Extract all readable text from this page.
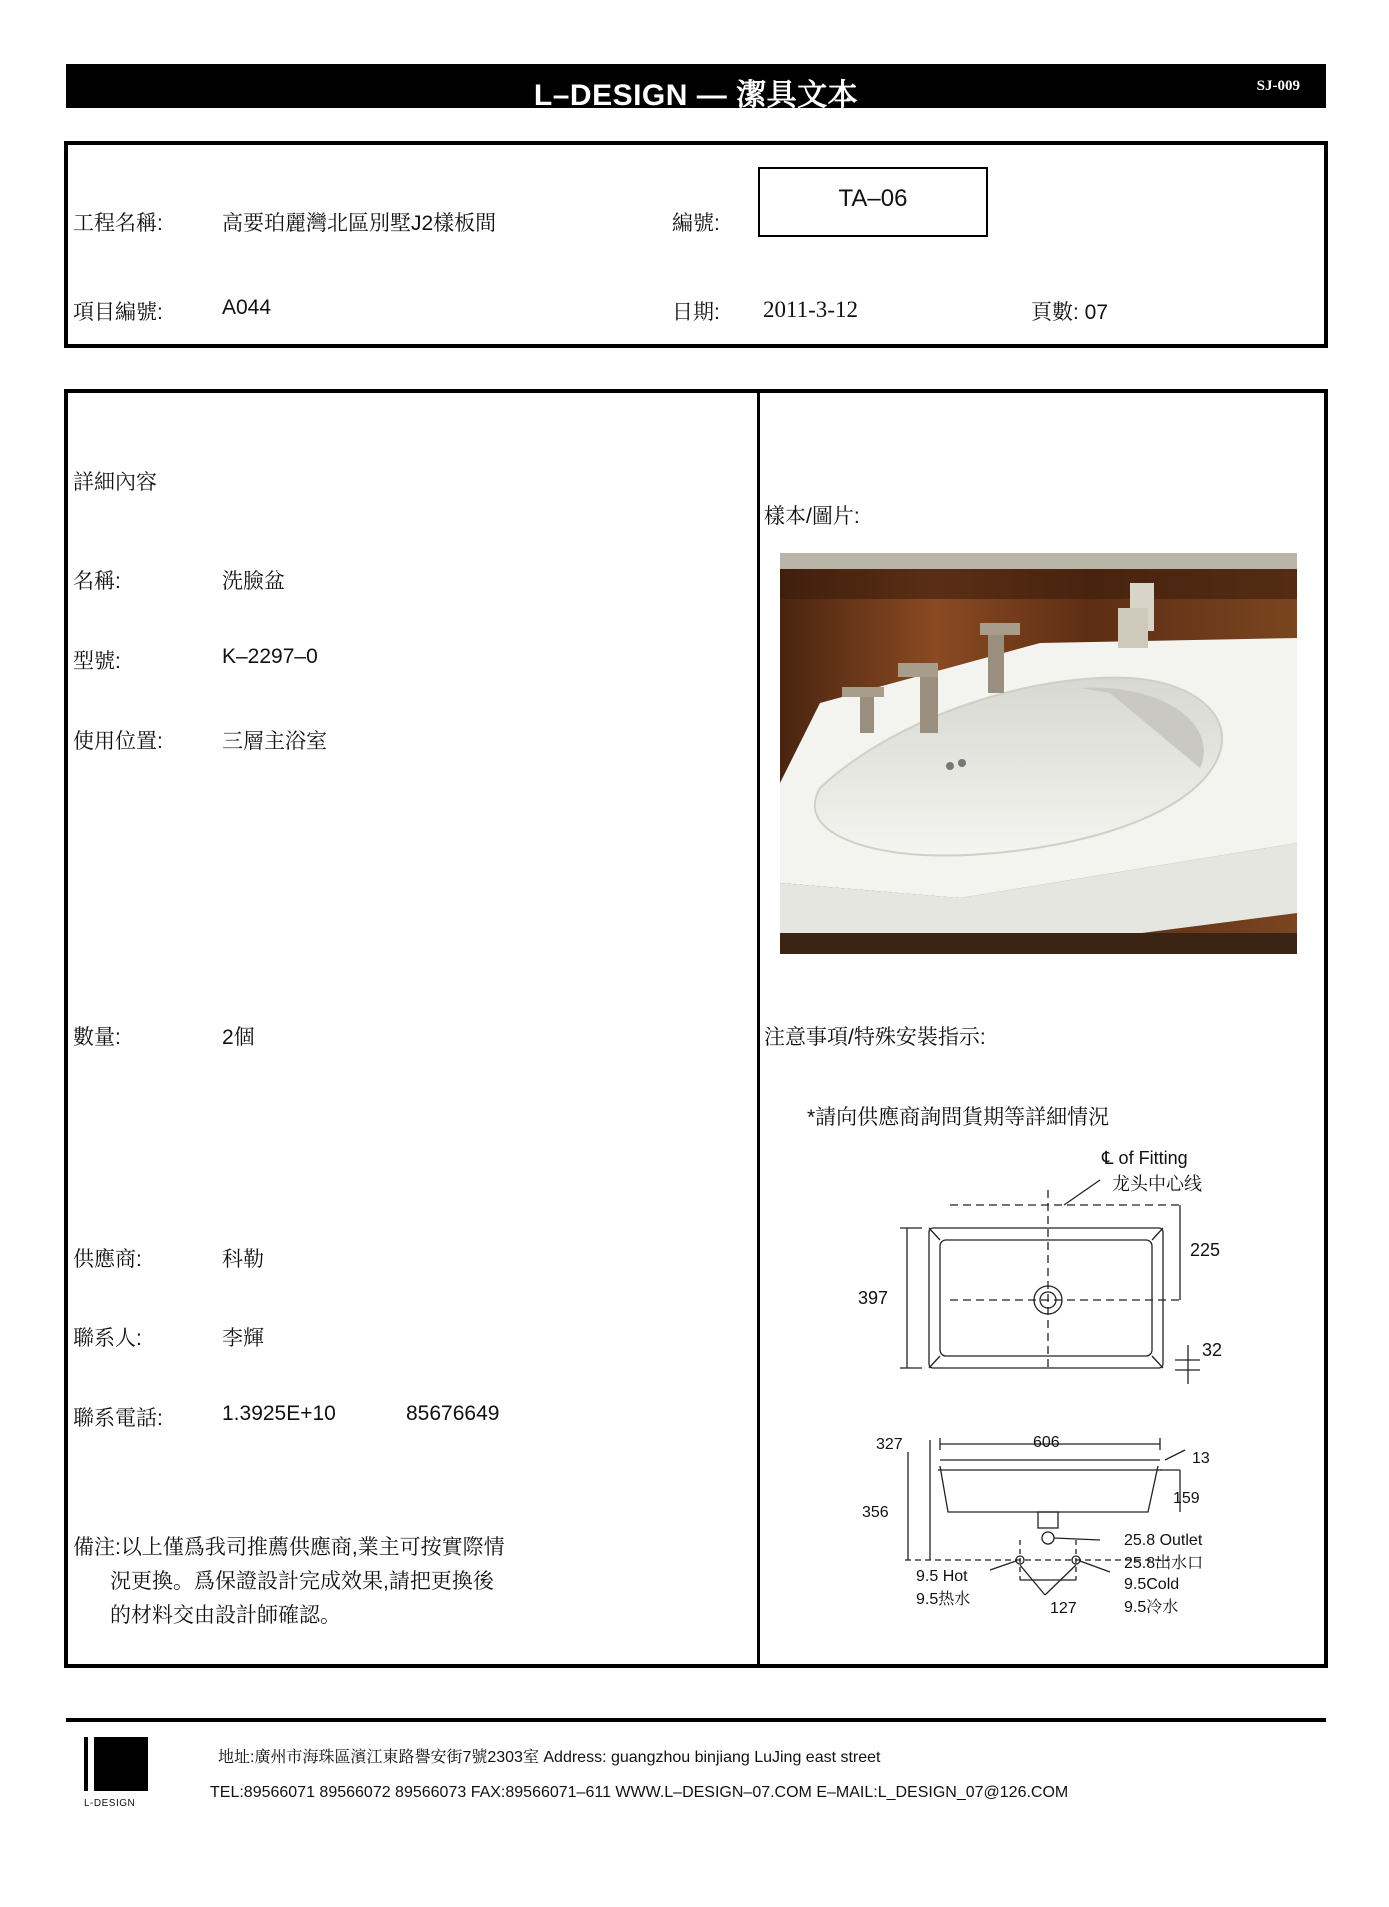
L–DESIGN — 潔具文本	SJ-009
工程名稱:	高要珀麗灣北區別墅J2樣板間	編號:
TA–06
項目編號:	A044	日期: 2011-3-12	頁數: 07
詳細內容
名稱:	洗臉盆
型號:	K–2297–0
使用位置:	三層主浴室
數量:	2個
供應商:	科勒
聯系人:	李輝
聯系電話:	1.3925E+10	85676649
備注:以上僅爲我司推薦供應商,業主可按實際情
況更換。爲保證設計完成效果,請把更換後
的材料交由設計師確認。
樣本/圖片:
注意事項/特殊安裝指示:
*請向供應商詢問貨期等詳細情況
℄ of Fitting
龙头中心线
397
225
32
327	606
13
159
356
25.8 Outlet
25.8出水口
9.5 Hot
9.5热水
9.5Cold
9.5冷水
127
L-DESIGN
地址:廣州市海珠區濱江東路譽安街7號2303室 Address: guangzhou binjiang LuJing east street
TEL:89566071 89566072 89566073 FAX:89566071–611 WWW.L–DESIGN–07.COM E–MAIL:L_DESIGN_07@126.COM
